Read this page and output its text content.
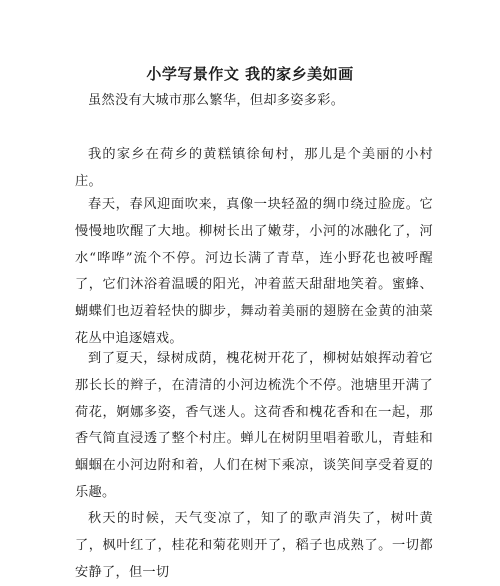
小学写景作文 我的家乡美如画
虽然没有大城市那么繁华，但却多姿多彩。
我的家乡在荷乡的黄糕镇徐甸村，那儿是个美丽的小村庄。
春天，春风迎面吹来，真像一块轻盈的绸巾绕过脸庞。它慢慢地吹醒了大地。柳树长出了嫩芽，小河的冰融化了，河水“哗哗”流个不停。河边长满了青草，连小野花也被呼醒了，它们沐浴着温暖的阳光，冲着蓝天甜甜地笑着。蜜蜂、蝴蝶们也迈着轻快的脚步，舞动着美丽的翅膀在金黄的油菜花丛中追逐嬉戏。
到了夏天，绿树成荫，槐花树开花了，柳树姑娘挥动着它那长长的辫子，在清清的小河边梳洗个不停。池塘里开满了荷花，婀娜多姿，香气迷人。这荷香和槐花香和在一起，那香气简直浸透了整个村庄。蝉儿在树阴里唱着歌儿，青蛙和蝈蝈在小河边附和着，人们在树下乘凉，谈笑间享受着夏的乐趣。
秋天的时候，天气变凉了，知了的歌声消失了，树叶黄了，枫叶红了，桂花和菊花则开了，稻子也成熟了。一切都安静了，但一切
